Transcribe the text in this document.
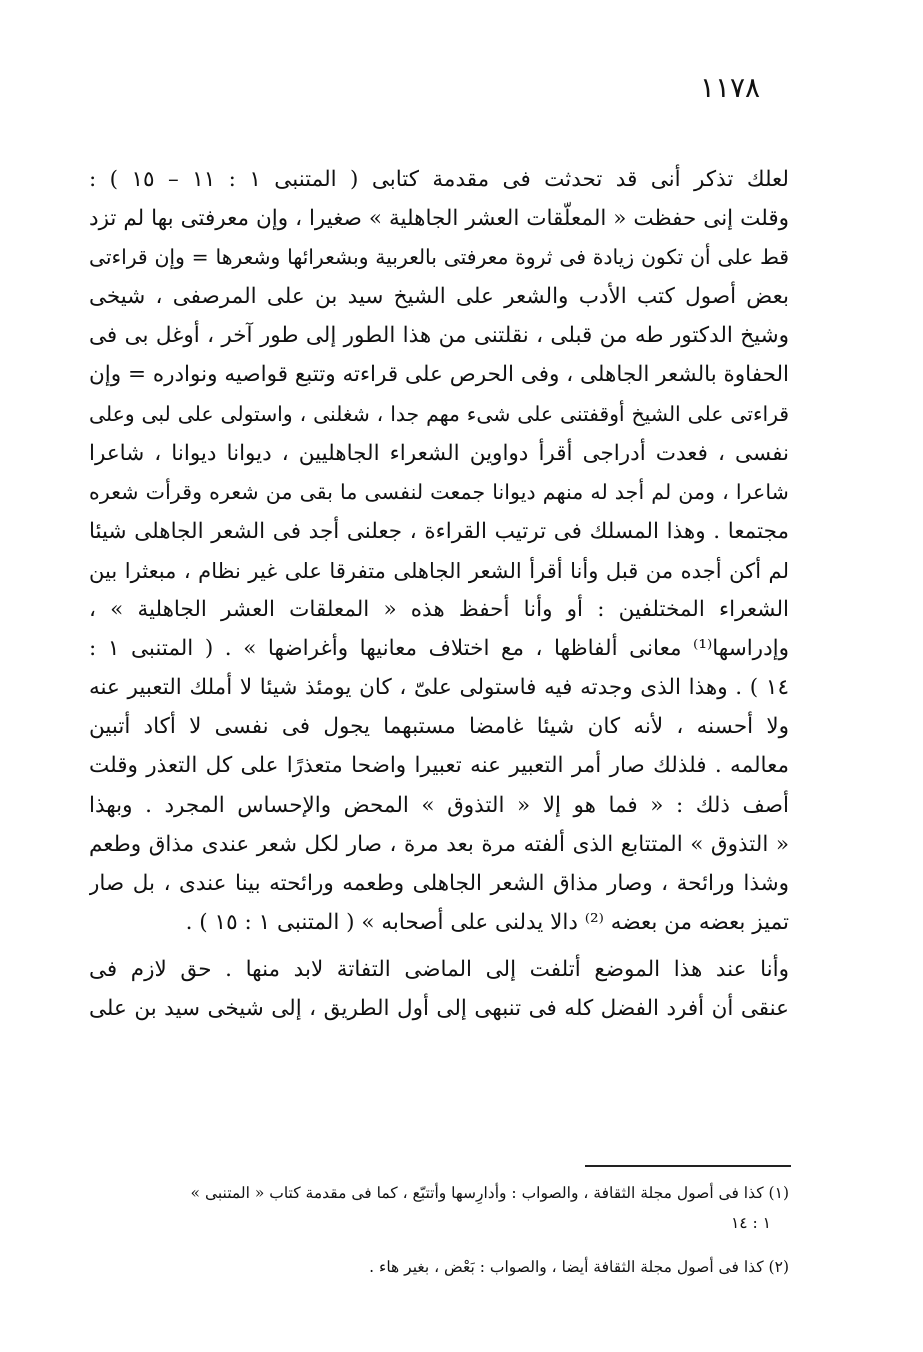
١١٧٨
لعلك تذكر أنى قد تحدثت فى مقدمة كتابى ( المتنبى ١ : ١١ – ١٥ ) :
وقلت إنى حفظت « المعلّقات العشر الجاهلية » صغيرا ، وإن معرفتى بها لم تزد
قط على أن تكون زيادة فى ثروة معرفتى بالعربية وبشعرائها وشعرها = وإن قراءتى
بعض أصول كتب الأدب والشعر على الشيخ سيد بن على المرصفى ، شيخى
وشيخ الدكتور طه من قبلى ، نقلتنى من هذا الطور إلى طور آخر ، أوغل بى فى
الحفاوة بالشعر الجاهلى ، وفى الحرص على قراءته وتتبع قواصيه ونوادره = وإن
قراءتى على الشيخ أوقفتنى على شىء مهم جدا ، شغلنى ، واستولى على لبى وعلى
نفسى ، فعدت أدراجى أقرأ دواوين الشعراء الجاهليين ، ديوانا ديوانا ، شاعرا
شاعرا ، ومن لم أجد له منهم ديوانا جمعت لنفسى ما بقى من شعره وقرأت شعره
مجتمعا . وهذا المسلك فى ترتيب القراءة ، جعلنى أجد فى الشعر الجاهلى شيئا
لم أكن أجده من قبل وأنا أقرأ الشعر الجاهلى متفرقا على غير نظام ، مبعثرا بين
الشعراء المختلفين : أو وأنا أحفظ هذه « المعلقات العشر الجاهلية » ،
وإدراسها⁽¹⁾ معانى ألفاظها ، مع اختلاف معانيها وأغراضها » . ( المتنبى ١ :
١٤ ) . وهذا الذى وجدته فيه فاستولى علىّ ، كان يومئذ شيئا لا أملك التعبير عنه
ولا أحسنه ، لأنه كان شيئا غامضا مستبهما يجول فى نفسى لا أكاد أتبين
معالمه . فلذلك صار أمر التعبير عنه تعبيرا واضحا متعذرًا على كل التعذر وقلت
أصف ذلك : « فما هو إلا « التذوق » المحض والإحساس المجرد . وبهذا
« التذوق » المتتابع الذى ألفته مرة بعد مرة ، صار لكل شعر عندى مذاق وطعم
وشذا ورائحة ، وصار مذاق الشعر الجاهلى وطعمه ورائحته بينا عندى ، بل صار
تميز بعضه من بعضه ⁽²⁾ دالا يدلنى على أصحابه » ( المتنبى ١ : ١٥ ) .
وأنا عند هذا الموضع أتلفت إلى الماضى التفاتة لابد منها . حق لازم فى
عنقى أن أفرد الفضل كله فى تنبهى إلى أول الطريق ، إلى شيخى سيد بن على
(١) كذا فى أصول مجلة الثقافة ، والصواب : وأدارِسها وأتتبّع ، كما فى مقدمة كتاب « المتنبى »
١ : ١٤
(٢) كذا فى أصول مجلة الثقافة أيضا ، والصواب : بَعْض ، بغير هاء .
